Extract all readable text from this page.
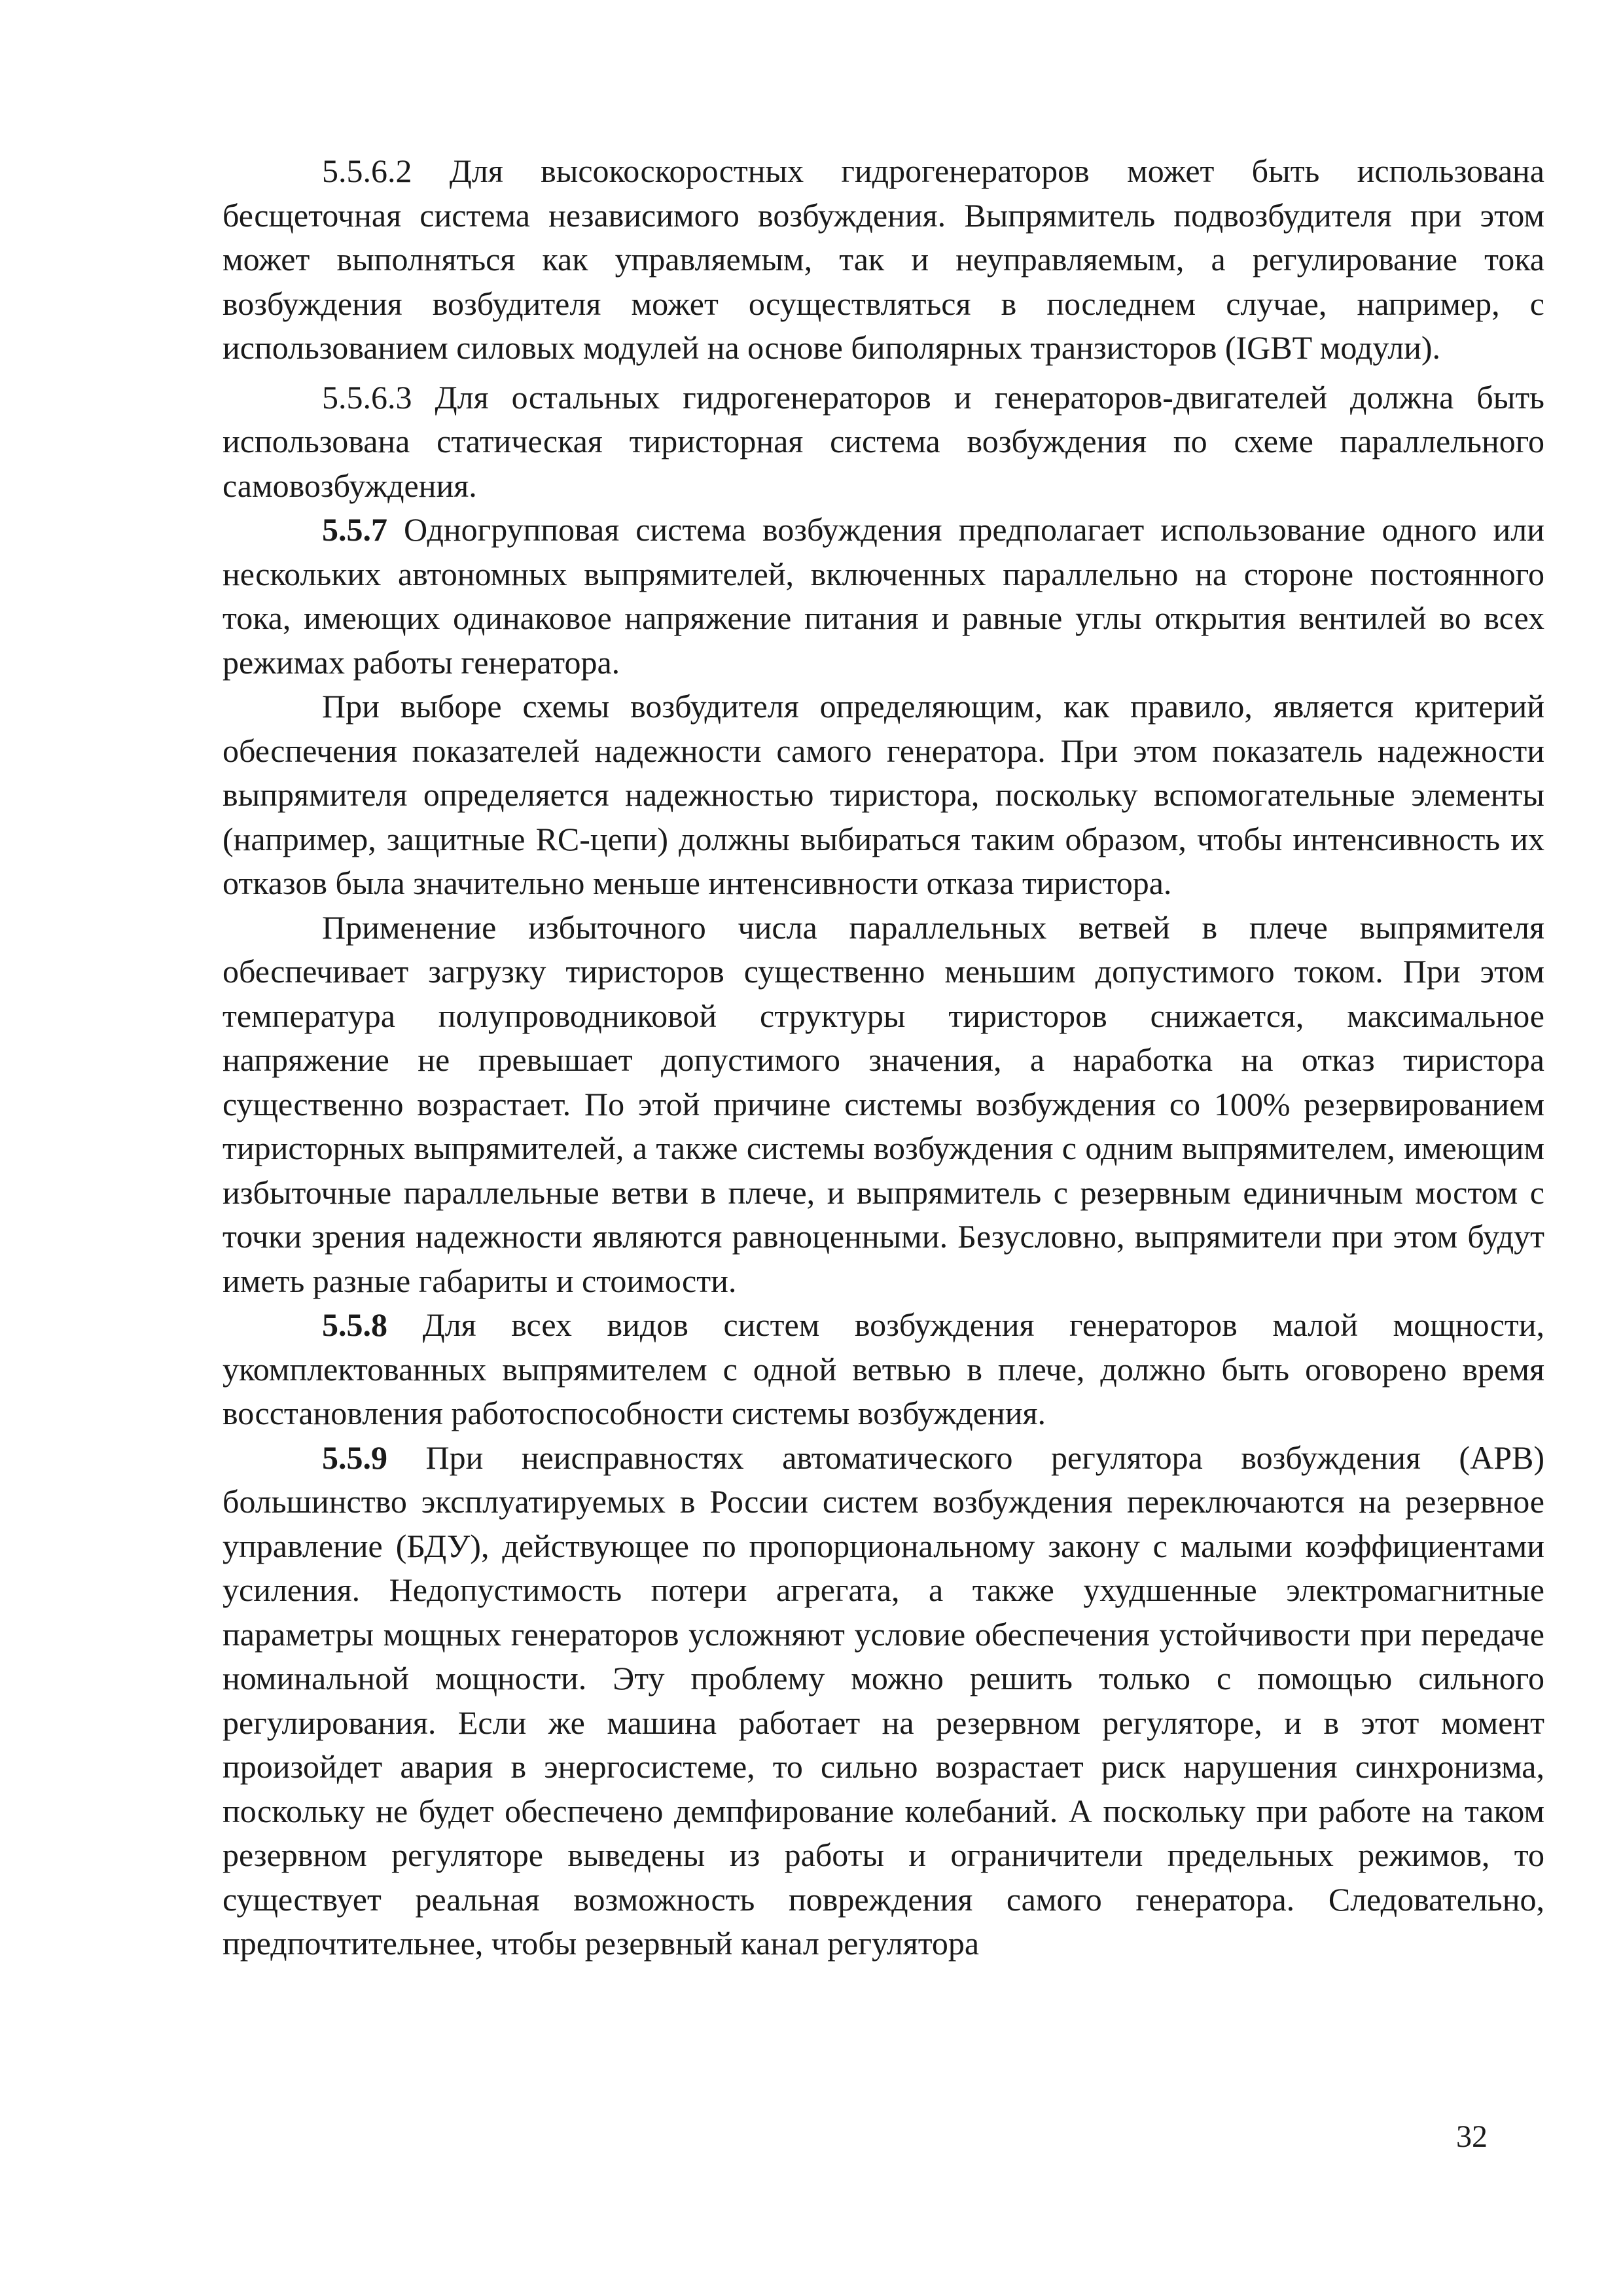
5.5.6.2 Для высокоскоростных гидрогенераторов может быть использована бесщеточная система независимого возбуждения. Выпрямитель подвозбудителя при этом может выполняться как управляемым, так и неуправляемым, а регулирование тока возбуждения возбудителя может осуществляться в последнем случае, например, с использованием силовых модулей на основе биполярных транзисторов (IGBT модули).

5.5.6.3 Для остальных гидрогенераторов и генераторов-двигателей должна быть использована статическая тиристорная система возбуждения по схеме параллельного самовозбуждения.

5.5.7 Одногрупповая система возбуждения предполагает использование одного или нескольких автономных выпрямителей, включенных параллельно на стороне постоянного тока, имеющих одинаковое напряжение питания и равные углы открытия вентилей во всех режимах работы генератора.

При выборе схемы возбудителя определяющим, как правило, является критерий обеспечения показателей надежности самого генератора. При этом показатель надежности выпрямителя определяется надежностью тиристора, поскольку вспомогательные элементы (например, защитные RC-цепи) должны выбираться таким образом, чтобы интенсивность их отказов была значительно меньше интенсивности отказа тиристора.

Применение избыточного числа параллельных ветвей в плече выпрямителя обеспечивает загрузку тиристоров существенно меньшим допустимого током. При этом температура полупроводниковой структуры тиристоров снижается, максимальное напряжение не превышает допустимого значения, а наработка на отказ тиристора существенно возрастает. По этой причине системы возбуждения со 100% резервированием тиристорных выпрямителей, а также системы возбуждения с одним выпрямителем, имеющим избыточные параллельные ветви в плече, и выпрямитель с резервным единичным мостом с точки зрения надежности являются равноценными. Безусловно, выпрямители при этом будут иметь разные габариты и стоимости.

5.5.8 Для всех видов систем возбуждения генераторов малой мощности, укомплектованных выпрямителем с одной ветвью в плече, должно быть оговорено время восстановления работоспособности системы возбуждения.

5.5.9 При неисправностях автоматического регулятора возбуждения (АРВ) большинство эксплуатируемых в России систем возбуждения переключаются на резервное управление (БДУ), действующее по пропорциональному закону с малыми коэффициентами усиления. Недопустимость потери агрегата, а также ухудшенные электромагнитные параметры мощных генераторов усложняют условие обеспечения устойчивости при передаче номинальной мощности. Эту проблему можно решить только с помощью сильного регулирования. Если же машина работает на резервном регуляторе, и в этот момент произойдет авария в энергосистеме, то сильно возрастает риск нарушения синхронизма, поскольку не будет обеспечено демпфирование колебаний. А поскольку при работе на таком резервном регуляторе выведены из работы и ограничители предельных режимов, то существует реальная возможность повреждения самого генератора. Следовательно, предпочтительнее, чтобы резервный канал регулятора

32
